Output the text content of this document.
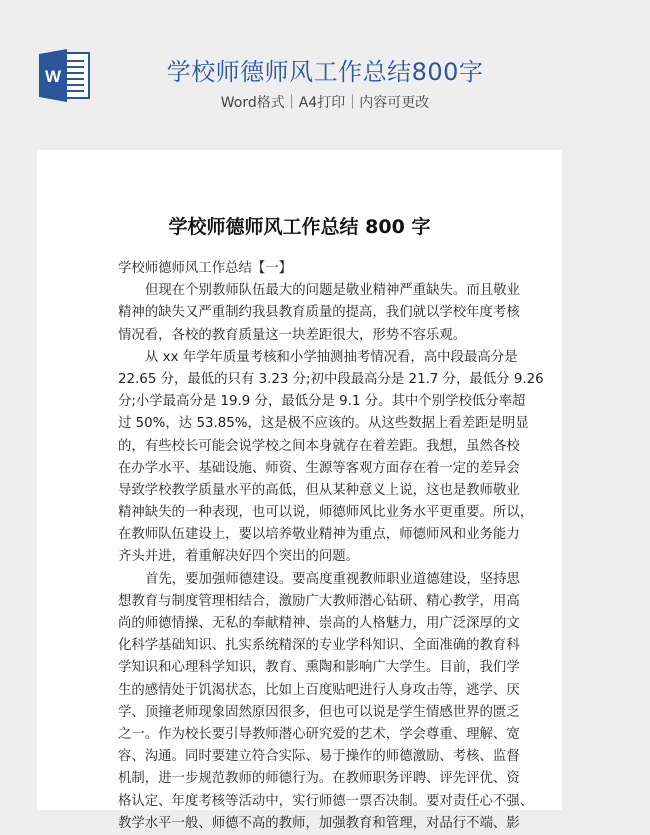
W	学校师德师风工作总结800字
Word格式｜A4打印｜内容可更改
学校师德师风工作总结 800 字
学校师德师风工作总结【一】
但现在个别教师队伍最大的问题是敬业精神严重缺失。而且敬业
精神的缺失又严重制约我县教育质量的提高，我们就以学校年度考核
情况看，各校的教育质量这一块差距很大，形势不容乐观。
从 xx 年学年质量考核和小学抽测抽考情况看，高中段最高分是
22.65 分，最低的只有 3.23 分;初中段最高分是 21.7 分，最低分 9.26
分;小学最高分是 19.9 分，最低分是 9.1 分。其中个别学校低分率超
过 50%，达 53.85%，这是极不应该的。从这些数据上看差距是明显
的，有些校长可能会说学校之间本身就存在着差距。我想，虽然各校
在办学水平、基础设施、师资、生源等客观方面存在着一定的差异会
导致学校教学质量水平的高低，但从某种意义上说，这也是教师敬业
精神缺失的一种表现，也可以说，师德师风比业务水平更重要。所以，
在教师队伍建设上，要以培养敬业精神为重点，师德师风和业务能力
齐头并进，着重解决好四个突出的问题。
首先，要加强师德建设。要高度重视教师职业道德建设，坚持思
想教育与制度管理相结合，激励广大教师潜心钻研、精心教学，用高
尚的师德情操、无私的奉献精神、崇高的人格魅力，用广泛深厚的文
化科学基础知识、扎实系统精深的专业学科知识、全面准确的教育科
学知识和心理科学知识，教育、熏陶和影响广大学生。目前，我们学
生的感情处于饥渴状态，比如上百度贴吧进行人身攻击等，逃学、厌
学、顶撞老师现象固然原因很多，但也可以说是学生情感世界的匮乏
之一。作为校长要引导教师潜心研究爱的艺术，学会尊重、理解、宽
容、沟通。同时要建立符合实际、易于操作的师德激励、考核、监督
机制，进一步规范教师的师德行为。在教师职务评聘、评先评优、资
格认定、年度考核等活动中，实行师德一票否决制。要对责任心不强、
教学水平一般、师德不高的教师，加强教育和管理，对品行不端、影
